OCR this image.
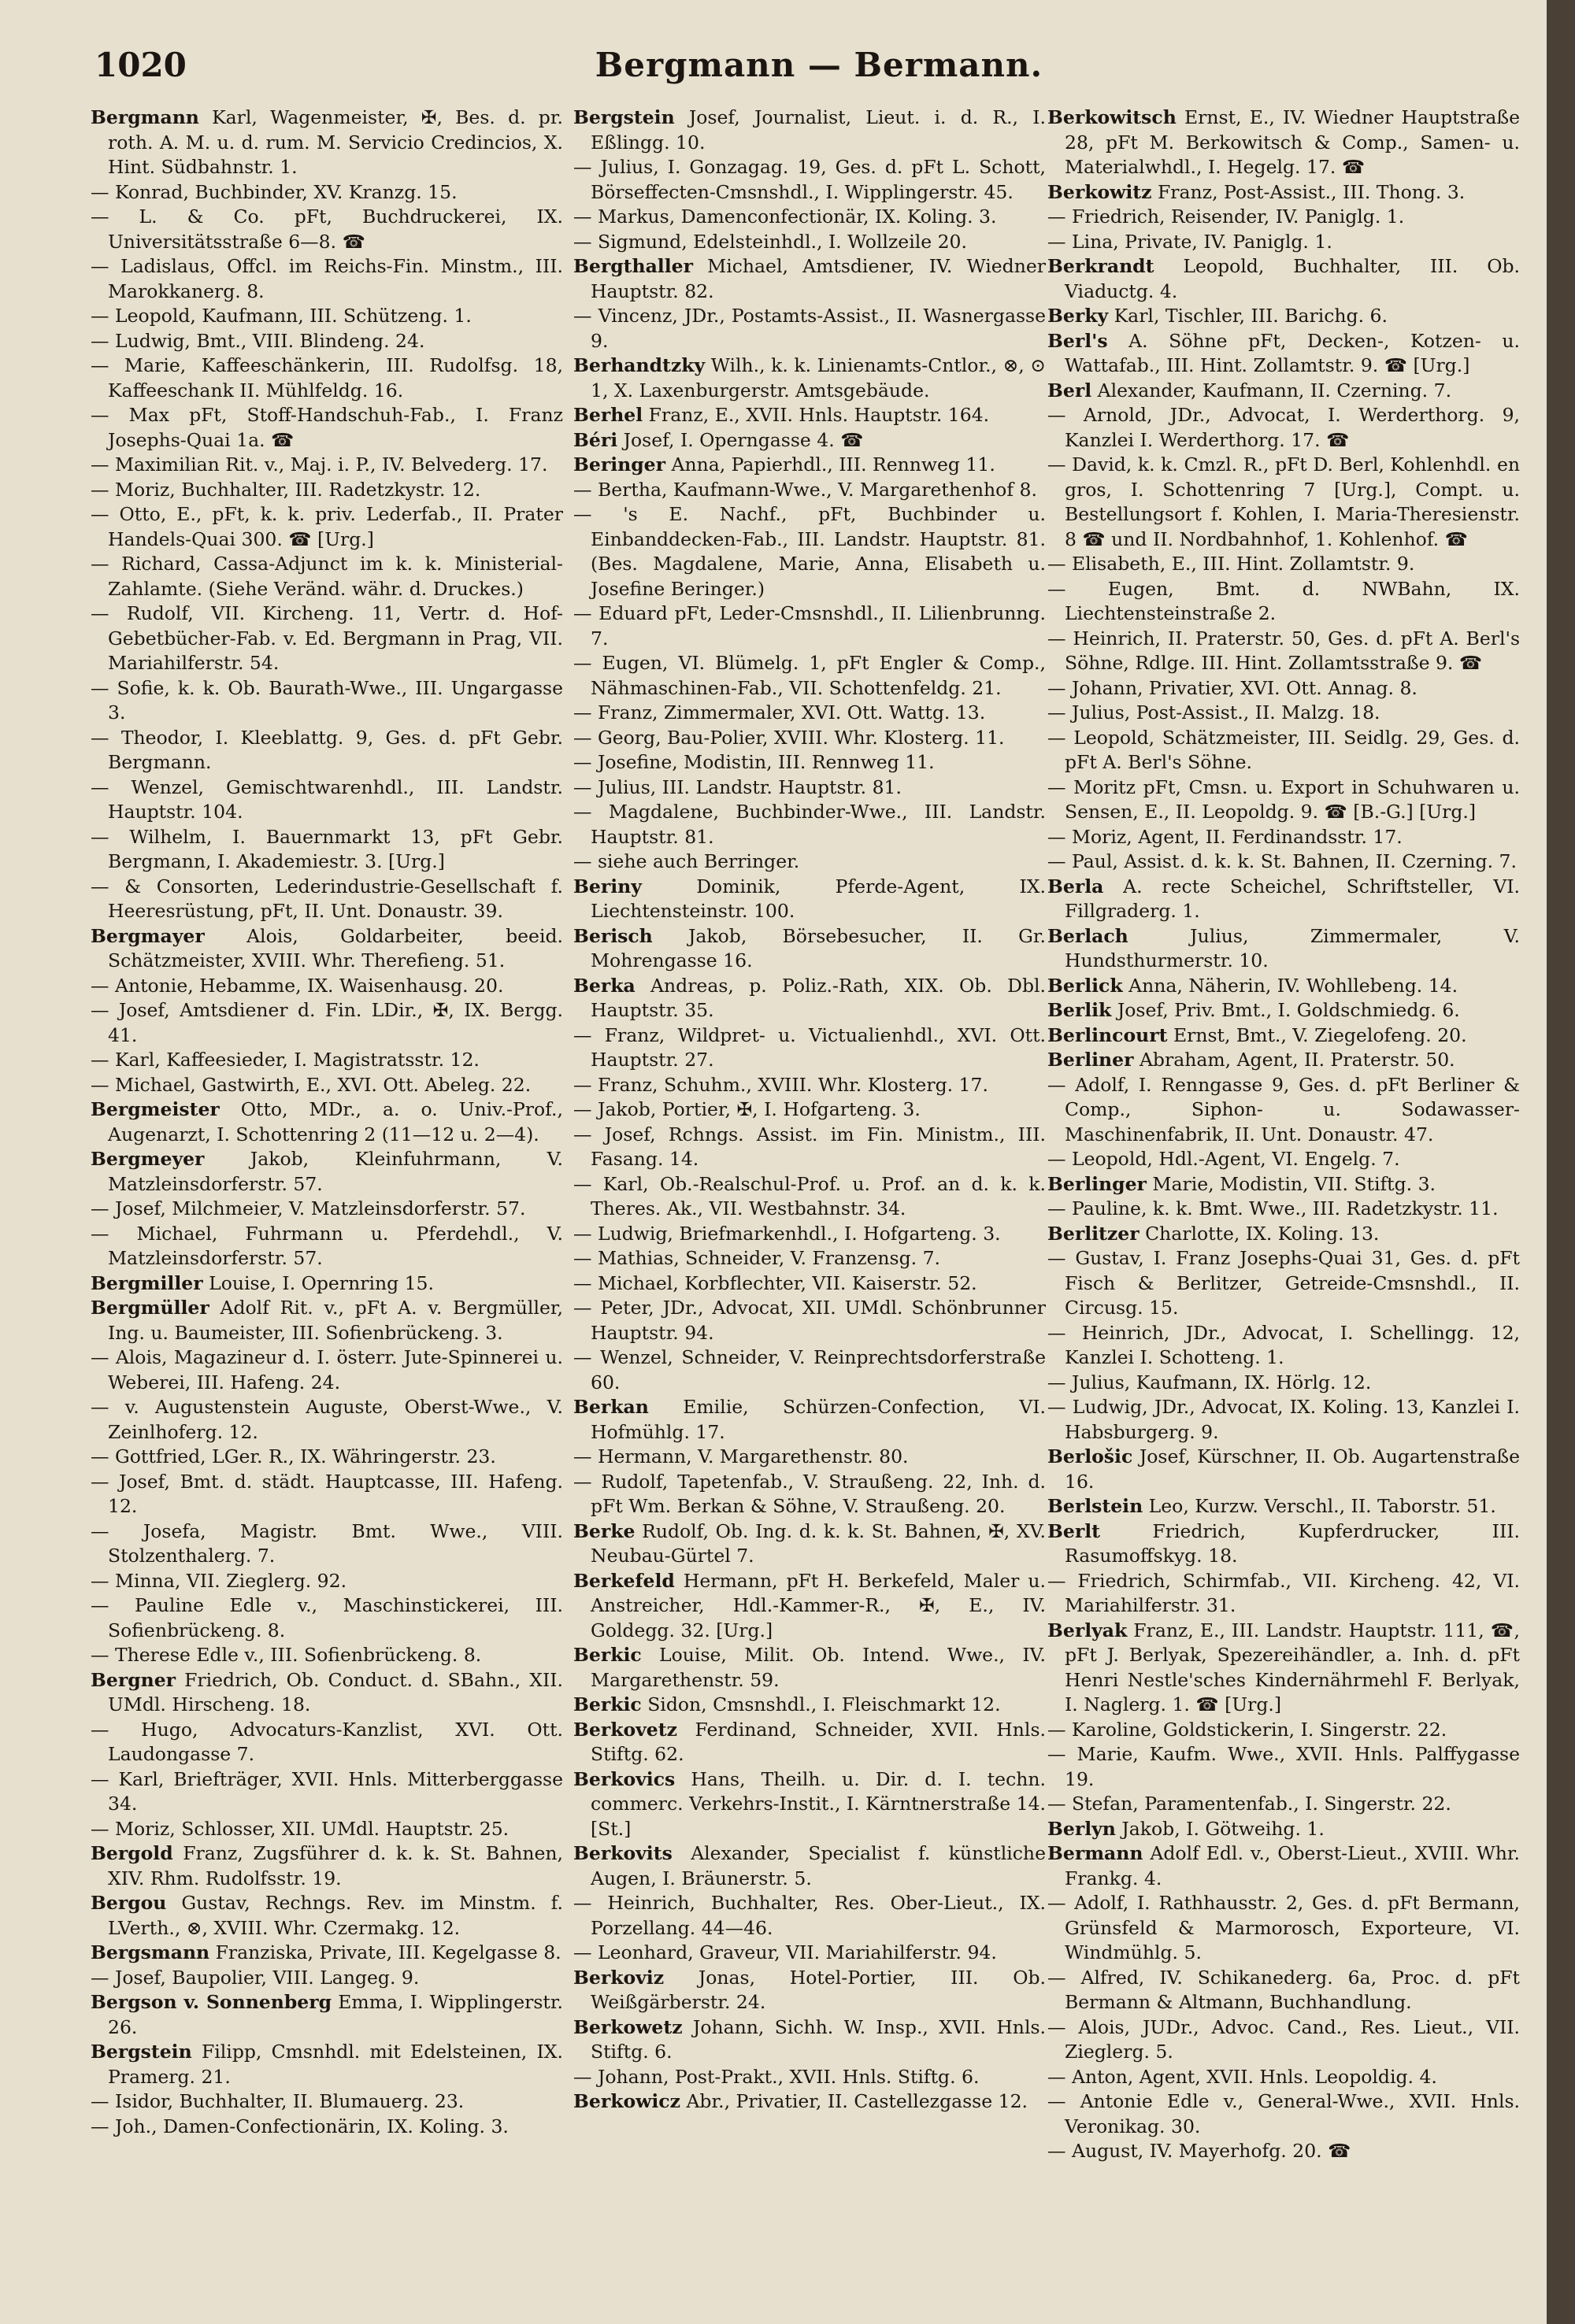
1020	Bergmann — Bermann.

Bergmann Karl, Wagenmeister, ✠, Bes. d. pr. roth. A. M. u. d. rum. M. Servicio Credincios, X. Hint. Südbahnstr. 1.

— Konrad, Buchbinder, XV. Kranzg. 15.

— L. & Co. pFt, Buchdruckerei, IX. Universitätsstraße 6—8. ☎

— Ladislaus, Offcl. im Reichs-Fin. Minstm., III. Marokkanerg. 8.

— Leopold, Kaufmann, III. Schützeng. 1.

— Ludwig, Bmt., VIII. Blindeng. 24.

— Marie, Kaffeeschänkerin, III. Rudolfsg. 18, Kaffeeschank II. Mühlfeldg. 16.

— Max pFt, Stoff-Handschuh-Fab., I. Franz Josephs-Quai 1a. ☎

— Maximilian Rit. v., Maj. i. P., IV. Belvederg. 17.

— Moriz, Buchhalter, III. Radetzkystr. 12.

— Otto, E., pFt, k. k. priv. Lederfab., II. Prater Handels-Quai 300. ☎ [Urg.]

— Richard, Cassa-Adjunct im k. k. Ministerial-Zahlamte. (Siehe Veränd. währ. d. Druckes.)

— Rudolf, VII. Kircheng. 11, Vertr. d. Hof-Gebetbücher-Fab. v. Ed. Bergmann in Prag, VII. Mariahilferstr. 54.

— Sofie, k. k. Ob. Baurath-Wwe., III. Ungargasse 3.

— Theodor, I. Kleeblattg. 9, Ges. d. pFt Gebr. Bergmann.

— Wenzel, Gemischtwarenhdl., III. Landstr. Hauptstr. 104.

— Wilhelm, I. Bauernmarkt 13, pFt Gebr. Bergmann, I. Akademiestr. 3. [Urg.]

— & Consorten, Lederindustrie-Gesellschaft f. Heeresrüstung, pFt, II. Unt. Donaustr. 39.

Bergmayer Alois, Goldarbeiter, beeid. Schätzmeister, XVIII. Whr. Therefieng. 51.

— Antonie, Hebamme, IX. Waisenhausg. 20.

— Josef, Amtsdiener d. Fin. LDir., ✠, IX. Bergg. 41.

— Karl, Kaffeesieder, I. Magistratsstr. 12.

— Michael, Gastwirth, E., XVI. Ott. Abeleg. 22.

Bergmeister Otto, MDr., a. o. Univ.-Prof., Augenarzt, I. Schottenring 2 (11—12 u. 2—4).

Bergmeyer Jakob, Kleinfuhrmann, V. Matzleinsdorferstr. 57.

— Josef, Milchmeier, V. Matzleinsdorferstr. 57.

— Michael, Fuhrmann u. Pferdehdl., V. Matzleinsdorferstr. 57.

Bergmiller Louise, I. Opernring 15.

Bergmüller Adolf Rit. v., pFt A. v. Bergmüller, Ing. u. Baumeister, III. Sofienbrückeng. 3.

— Alois, Magazineur d. I. österr. Jute-Spinnerei u. Weberei, III. Hafeng. 24.

— v. Augustenstein Auguste, Oberst-Wwe., V. Zeinlhoferg. 12.

— Gottfried, LGer. R., IX. Währingerstr. 23.

— Josef, Bmt. d. städt. Hauptcasse, III. Hafeng. 12.

— Josefa, Magistr. Bmt. Wwe., VIII. Stolzenthalerg. 7.

— Minna, VII. Zieglerg. 92.

— Pauline Edle v., Maschinstickerei, III. Sofienbrückeng. 8.

— Therese Edle v., III. Sofienbrückeng. 8.

Bergner Friedrich, Ob. Conduct. d. SBahn., XII. UMdl. Hirscheng. 18.

— Hugo, Advocaturs-Kanzlist, XVI. Ott. Laudongasse 7.

— Karl, Briefträger, XVII. Hnls. Mitterberggasse 34.

— Moriz, Schlosser, XII. UMdl. Hauptstr. 25.

Bergold Franz, Zugsführer d. k. k. St. Bahnen, XIV. Rhm. Rudolfsstr. 19.

Bergou Gustav, Rechngs. Rev. im Minstm. f. LVerth., ⊗, XVIII. Whr. Czermakg. 12.

Bergsmann Franziska, Private, III. Kegelgasse 8.

— Josef, Baupolier, VIII. Langeg. 9.

Bergson v. Sonnenberg Emma, I. Wipplingerstr. 26.

Bergstein Filipp, Cmsnhdl. mit Edelsteinen, IX. Pramerg. 21.

— Isidor, Buchhalter, II. Blumauerg. 23.

— Joh., Damen-Confectionärin, IX. Koling. 3.

Bergstein Josef, Journalist, Lieut. i. d. R., I. Eßlingg. 10.

— Julius, I. Gonzagag. 19, Ges. d. pFt L. Schott, Börseffecten-Cmsnshdl., I. Wipplingerstr. 45.

— Markus, Damenconfectionär, IX. Koling. 3.

— Sigmund, Edelsteinhdl., I. Wollzeile 20.

Bergthaller Michael, Amtsdiener, IV. Wiedner Hauptstr. 82.

— Vincenz, JDr., Postamts-Assist., II. Wasnergasse 9.

Berhandtzky Wilh., k. k. Linienamts-Cntlor., ⊗, ⊙ 1, X. Laxenburgerstr. Amtsgebäude.

Berhel Franz, E., XVII. Hnls. Hauptstr. 164.

Béri Josef, I. Operngasse 4. ☎

Beringer Anna, Papierhdl., III. Rennweg 11.

— Bertha, Kaufmann-Wwe., V. Margarethenhof 8.

— 's E. Nachf., pFt, Buchbinder u. Einbanddecken-Fab., III. Landstr. Hauptstr. 81. (Bes. Magdalene, Marie, Anna, Elisabeth u. Josefine Beringer.)

— Eduard pFt, Leder-Cmsnshdl., II. Lilienbrunng. 7.

— Eugen, VI. Blümelg. 1, pFt Engler & Comp., Nähmaschinen-Fab., VII. Schottenfeldg. 21.

— Franz, Zimmermaler, XVI. Ott. Wattg. 13.

— Georg, Bau-Polier, XVIII. Whr. Klosterg. 11.

— Josefine, Modistin, III. Rennweg 11.

— Julius, III. Landstr. Hauptstr. 81.

— Magdalene, Buchbinder-Wwe., III. Landstr. Hauptstr. 81.

— siehe auch Berringer.

Beriny	Dominik, Pferde-Agent, IX. Liechtensteinstr. 100.

Berisch Jakob, Börsebesucher, II. Gr. Mohrengasse 16.

Berka Andreas, p. Poliz.-Rath, XIX. Ob. Dbl. Hauptstr. 35.

— Franz, Wildpret- u. Victualienhdl., XVI. Ott. Hauptstr. 27.

— Franz, Schuhm., XVIII. Whr. Klosterg. 17.

— Jakob, Portier, ✠, I. Hofgarteng. 3.

— Josef, Rchngs. Assist. im Fin. Ministm., III. Fasang. 14.

— Karl, Ob.-Realschul-Prof. u. Prof. an d. k. k. Theres. Ak., VII. Westbahnstr. 34.

— Ludwig, Briefmarkenhdl., I. Hofgarteng. 3.

— Mathias, Schneider, V. Franzensg. 7.

— Michael, Korbflechter, VII. Kaiserstr. 52.

— Peter, JDr., Advocat, XII. UMdl. Schönbrunner Hauptstr. 94.

— Wenzel, Schneider, V. Reinprechtsdorferstraße 60.

Berkan Emilie, Schürzen-Confection, VI. Hofmühlg. 17.

— Hermann, V. Margarethenstr. 80.

— Rudolf, Tapetenfab., V. Straußeng. 22, Inh. d. pFt Wm. Berkan & Söhne, V. Straußeng. 20.

Berke Rudolf, Ob. Ing. d. k. k. St. Bahnen, ✠, XV. Neubau-Gürtel 7.

Berkefeld Hermann, pFt H. Berkefeld, Maler u. Anstreicher, Hdl.-Kammer-R., ✠, E., IV. Goldegg. 32. [Urg.]

Berkic Louise, Milit. Ob. Intend. Wwe., IV. Margarethenstr. 59.

Berkic Sidon, Cmsnshdl., I. Fleischmarkt 12.

Berkovetz Ferdinand, Schneider, XVII. Hnls. Stiftg. 62.

Berkovics Hans, Theilh. u. Dir. d. I. techn. commerc. Verkehrs-Instit., I. Kärntnerstraße 14. [St.]

Berkovits Alexander, Specialist f. künstliche Augen, I. Bräunerstr. 5.

— Heinrich, Buchhalter, Res. Ober-Lieut., IX. Porzellang. 44—46.

— Leonhard, Graveur, VII. Mariahilferstr. 94.

Berkoviz Jonas, Hotel-Portier, III. Ob. Weißgärberstr. 24.

Berkowetz Johann, Sichh. W. Insp., XVII. Hnls. Stiftg. 6.

— Johann, Post-Prakt., XVII. Hnls. Stiftg. 6.

Berkowicz Abr., Privatier, II. Castellezgasse 12.

Berkowitsch Ernst, E., IV. Wiedner Hauptstraße 28, pFt M. Berkowitsch & Comp., Samen- u. Materialwhdl., I. Hegelg. 17. ☎

Berkowitz Franz, Post-Assist., III. Thong. 3.

— Friedrich, Reisender, IV. Paniglg. 1.

— Lina, Private, IV. Paniglg. 1.

Berkrandt Leopold, Buchhalter, III. Ob. Viaductg. 4.

Berky Karl, Tischler, III. Barichg. 6.

Berl's A. Söhne pFt, Decken-, Kotzen- u. Wattafab., III. Hint. Zollamtstr. 9. ☎ [Urg.]

Berl Alexander, Kaufmann, II. Czerning. 7.

— Arnold, JDr., Advocat, I. Werderthorg. 9, Kanzlei I. Werderthorg. 17. ☎

— David, k. k. Cmzl. R., pFt D. Berl, Kohlenhdl. en gros, I. Schottenring 7 [Urg.], Compt. u. Bestellungsort f. Kohlen, I. Maria-Theresienstr. 8 ☎ und II. Nordbahnhof, 1. Kohlenhof. ☎

— Elisabeth, E., III. Hint. Zollamtstr. 9.

— Eugen, Bmt. d. NWBahn, IX. Liechtensteinstraße 2.

— Heinrich, II. Praterstr. 50, Ges. d. pFt A. Berl's Söhne, Rdlge. III. Hint. Zollamtsstraße 9. ☎

— Johann, Privatier, XVI. Ott. Annag. 8.

— Julius, Post-Assist., II. Malzg. 18.

— Leopold, Schätzmeister, III. Seidlg. 29, Ges. d. pFt A. Berl's Söhne.

— Moritz pFt, Cmsn. u. Export in Schuhwaren u. Sensen, E., II. Leopoldg. 9. ☎ [B.-G.] [Urg.]

— Moriz, Agent, II. Ferdinandsstr. 17.

— Paul, Assist. d. k. k. St. Bahnen, II. Czerning. 7.

Berla A. recte Scheichel, Schriftsteller, VI. Fillgraderg. 1.

Berlach	Julius, Zimmermaler, V. Hundsthurmerstr. 10.

Berlick Anna, Näherin, IV. Wohllebeng. 14.

Berlik Josef, Priv. Bmt., I. Goldschmiedg. 6.

Berlincourt Ernst, Bmt., V. Ziegelofeng. 20.

Berliner Abraham, Agent, II. Praterstr. 50.

— Adolf, I. Renngasse 9, Ges. d. pFt Berliner & Comp., Siphon- u. Sodawasser-Maschinenfabrik, II. Unt. Donaustr. 47.

— Leopold, Hdl.-Agent, VI. Engelg. 7.

Berlinger Marie, Modistin, VII. Stiftg. 3.

— Pauline, k. k. Bmt. Wwe., III. Radetzkystr. 11.

Berlitzer Charlotte, IX. Koling. 13.

— Gustav, I. Franz Josephs-Quai 31, Ges. d. pFt Fisch & Berlitzer, Getreide-Cmsnshdl., II. Circusg. 15.

— Heinrich, JDr., Advocat, I. Schellingg. 12, Kanzlei I. Schotteng. 1.

— Julius, Kaufmann, IX. Hörlg. 12.

— Ludwig, JDr., Advocat, IX. Koling. 13, Kanzlei I. Habsburgerg. 9.

Berlošic Josef, Kürschner, II. Ob. Augartenstraße 16.

Berlstein Leo, Kurzw. Verschl., II. Taborstr. 51.

Berlt	Friedrich, Kupferdrucker, III. Rasumoffskyg. 18.

— Friedrich, Schirmfab., VII. Kircheng. 42, VI. Mariahilferstr. 31.

Berlyak Franz, E., III. Landstr. Hauptstr. 111, ☎, pFt J. Berlyak, Spezereihändler, a. Inh. d. pFt Henri Nestle'sches Kindernährmehl F. Berlyak, I. Naglerg. 1. ☎ [Urg.]

— Karoline, Goldstickerin, I. Singerstr. 22.

— Marie, Kaufm. Wwe., XVII. Hnls. Palffygasse 19.

— Stefan, Paramentenfab., I. Singerstr. 22.

Berlyn Jakob, I. Götweihg. 1.

Bermann Adolf Edl. v., Oberst-Lieut., XVIII. Whr. Frankg. 4.

— Adolf, I. Rathhausstr. 2, Ges. d. pFt Bermann, Grünsfeld & Marmorosch, Exporteure, VI. Windmühlg. 5.

— Alfred, IV. Schikanederg. 6a, Proc. d. pFt Bermann & Altmann, Buchhandlung.

— Alois, JUDr., Advoc. Cand., Res. Lieut., VII. Zieglerg. 5.

— Anton, Agent, XVII. Hnls. Leopoldig. 4.

— Antonie Edle v., General-Wwe., XVII. Hnls. Veronikag. 30.

— August, IV. Mayerhofg. 20. ☎
